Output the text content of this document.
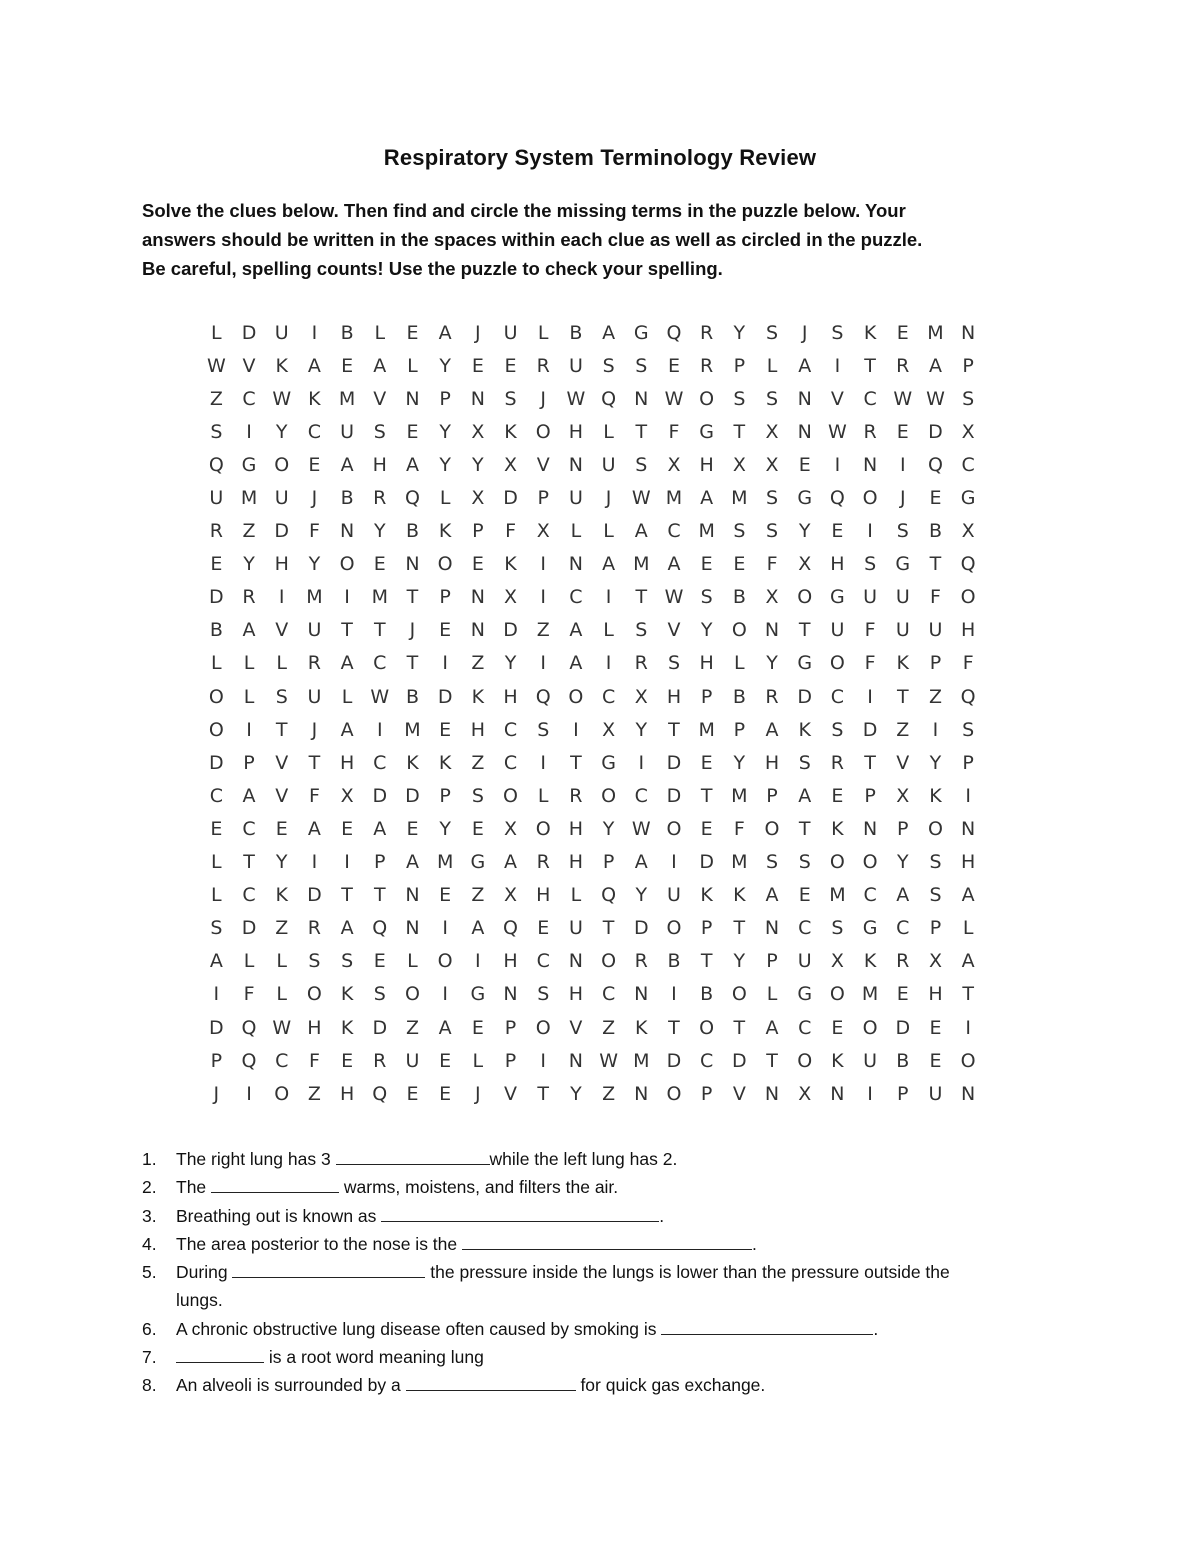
Respiratory System Terminology Review

Solve the clues below. Then find and circle the missing terms in the puzzle below. Your

answers should be written in the spaces within each clue as well as circled in the puzzle.

Be careful, spelling counts! Use the puzzle to check your spelling.

L	D U	I	B	L	E	A	J	U	L	B	A G Q R	Y	S	J	S	K	E M N
W V	K	A	E	A	L	Y	E	E	R	U	S	S	E	R	P	L	A	I	T	R	A	P
Z	C W K M V	N	P	N	S	J	W Q N W O	S	S	N	V	C W W S
S	I	Y	C	U	S	E	Y	X	K O H	L	T	F	G	T	X	N W R	E	D X
Q G O	E	A	H	A	Y	Y	X	V	N U	S	X	H	X	X	E	I	N	I	Q C
U M U	J	B	R Q	L	X D	P	U	J	W M A M S	G Q O	J	E	G
R	Z D	F	N	Y	B	K	P	F	X	L	L	A	C M S	S	Y	E	I	S	B	X
E	Y	H	Y	O	E	N O	E	K	I	N	A M A	E	E	F	X	H	S	G	T	Q
D R	I	M	I	M T	P	N	X	I	C	I	T W S	B	X O G U U	F	O
B	A	V	U	T	T	J	E	N D Z	A	L	S	V	Y	O N	T	U	F	U U H
L	L	L	R	A	C	T	I	Z	Y	I	A	I	R	S	H	L	Y	G O	F	K	P	F
O	L	S	U	L W B D	K	H Q O C	X	H	P	B	R D C	I	T	Z Q
O	I	T	J	A	I	M E	H C	S	I	X	Y	T M P	A	K	S	D Z	I	S
D	P	V	T	H C	K	K	Z	C	I	T	G	I	D	E	Y	H	S	R	T	V	Y	P
C	A	V	F	X D D	P	S	O	L	R O C D	T M P	A	E	P	X	K	I
E	C	E	A	E	A	E	Y	E	X O H	Y W O	E	F	O	T	K	N	P	O N
L	T	Y	I	I	P	A M G A	R H	P	A	I	D M S	S	O O	Y	S	H
L	C	K	D	T	T	N	E	Z	X	H	L	Q	Y	U	K	K	A	E M C	A	S	A
S	D Z	R	A Q N	I	A Q	E	U	T	D O	P	T	N C	S	G C	P	L
A	L	L	S	S	E	L	O	I	H C N O R	B	T	Y	P	U	X	K	R	X	A
I	F	L	O K	S	O	I	G N	S	H C N	I	B O	L	G O M E	H	T
D Q W H	K	D Z	A	E	P	O V	Z	K	T	O	T	A	C	E	O D	E	I
P	Q C	F	E	R	U	E	L	P	I	N W M D C D	T	O K	U	B	E	O
J	I	O Z	H Q	E	E	J	V	T	Y	Z	N O	P	V	N	X	N	I	P	U N
1. The right lung has 3	while the left lung has 2.
2. The	warms, moistens, and filters the air.
3. Breathing out is known as	.
4. The area posterior to the nose is the	.
5. During	the pressure inside the lungs is lower than the pressure outside the
lungs.
6. A chronic obstructive lung disease often caused by smoking is	.
7.	is a root word meaning lung
8. An alveoli is surrounded by a	for quick gas exchange.
